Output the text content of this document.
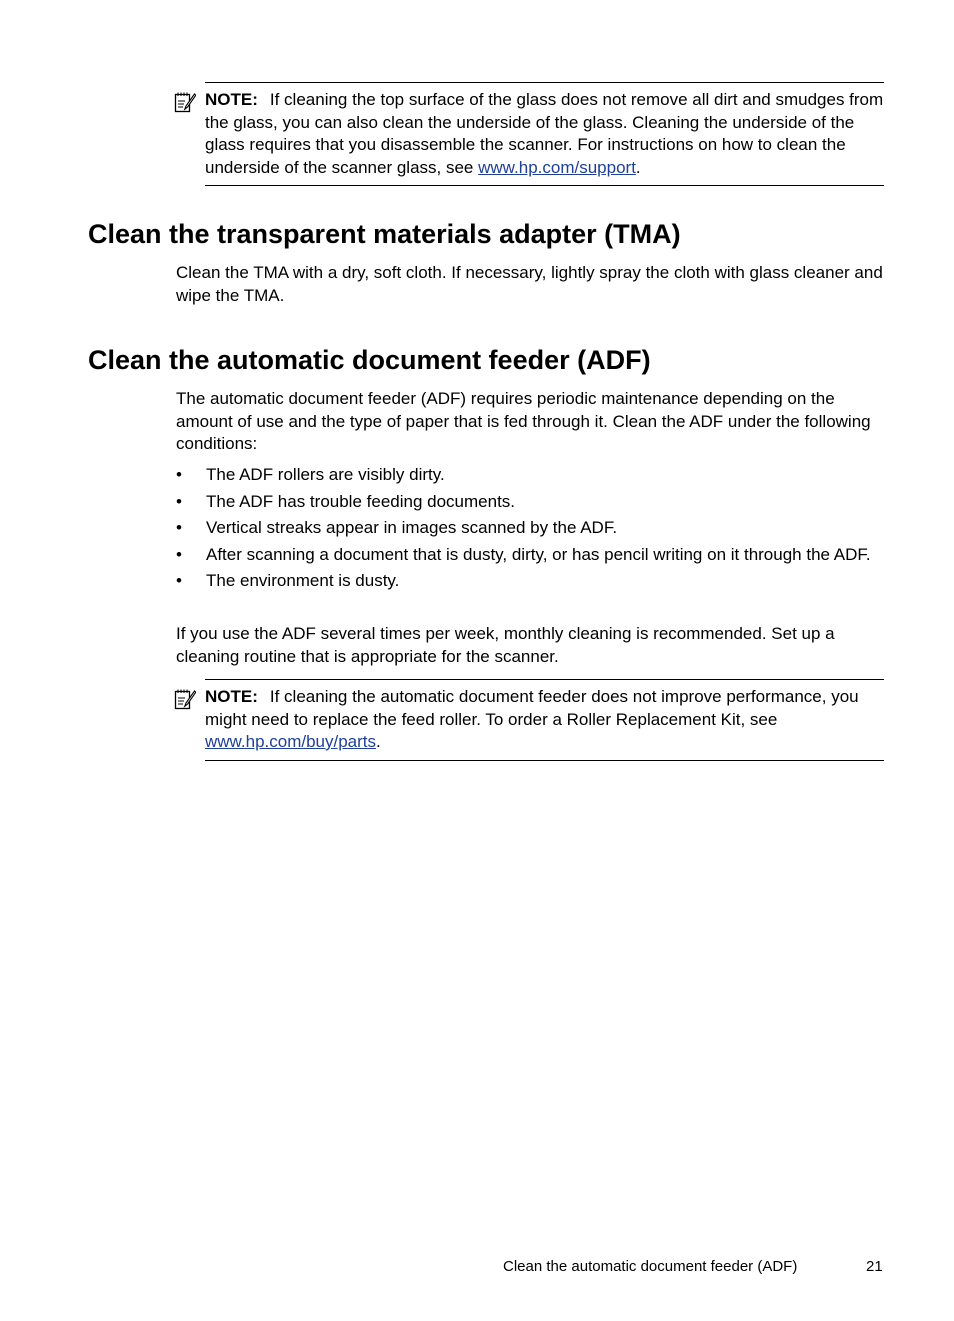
NOTE: If cleaning the top surface of the glass does not remove all dirt and smudges from the glass, you can also clean the underside of the glass. Cleaning the underside of the glass requires that you disassemble the scanner. For instructions on how to clean the underside of the scanner glass, see www.hp.com/support.
Clean the transparent materials adapter (TMA)

Clean the TMA with a dry, soft cloth. If necessary, lightly spray the cloth with glass cleaner and wipe the TMA.

Clean the automatic document feeder (ADF)

The automatic document feeder (ADF) requires periodic maintenance depending on the amount of use and the type of paper that is fed through it. Clean the ADF under the following conditions:

• The ADF rollers are visibly dirty.
• The ADF has trouble feeding documents.
• Vertical streaks appear in images scanned by the ADF.
• After scanning a document that is dusty, dirty, or has pencil writing on it through the ADF.
• The environment is dusty.

If you use the ADF several times per week, monthly cleaning is recommended. Set up a cleaning routine that is appropriate for the scanner.

NOTE: If cleaning the automatic document feeder does not improve performance, you might need to replace the feed roller. To order a Roller Replacement Kit, see www.hp.com/buy/parts.
Clean the automatic document feeder (ADF)	21
